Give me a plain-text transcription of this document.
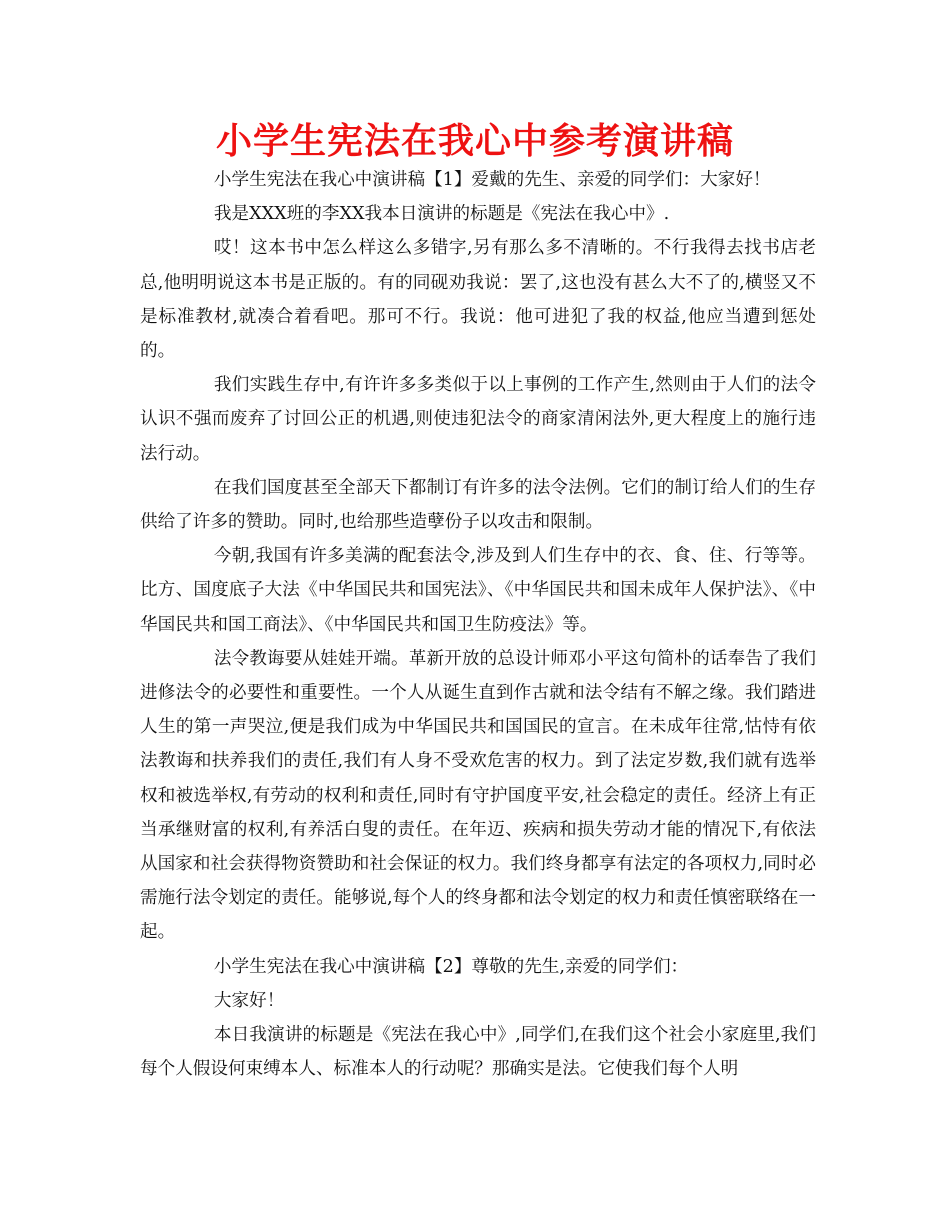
小学生宪法在我心中参考演讲稿

小学生宪法在我心中演讲稿【1】爱戴的先生、亲爱的同学们：大家好！

我是XXX班的李XX我本日演讲的标题是《宪法在我心中》.

哎！这本书中怎么样这么多错字,另有那么多不清晰的。不行我得去找书店老总,他明明说这本书是正版的。有的同砚劝我说：罢了,这也没有甚么大不了的,横竖又不是标准教材,就凑合着看吧。那可不行。我说：他可进犯了我的权益,他应当遭到惩处的。

我们实践生存中,有许许多多类似于以上事例的工作产生,然则由于人们的法令认识不强而废弃了讨回公正的机遇,则使违犯法令的商家清闲法外,更大程度上的施行违法行动。

在我们国度甚至全部天下都制订有许多的法令法例。它们的制订给人们的生存供给了许多的赞助。同时,也给那些造孽份子以攻击和限制。

今朝,我国有许多美满的配套法令,涉及到人们生存中的衣、食、住、行等等。比方、国度底子大法《中华国民共和国宪法》、《中华国民共和国未成年人保护法》、《中华国民共和国工商法》、《中华国民共和国卫生防疫法》等。

法令教诲要从娃娃开端。革新开放的总设计师邓小平这句简朴的话奉告了我们进修法令的必要性和重要性。一个人从诞生直到作古就和法令结有不解之缘。我们踏进人生的第一声哭泣,便是我们成为中华国民共和国国民的宣言。在未成年往常,怙恃有依法教诲和扶养我们的责任,我们有人身不受欢危害的权力。到了法定岁数,我们就有选举权和被选举权,有劳动的权利和责任,同时有守护国度平安,社会稳定的责任。经济上有正当承继财富的权利,有养活白叟的责任。在年迈、疾病和损失劳动才能的情况下,有依法从国家和社会获得物资赞助和社会保证的权力。我们终身都享有法定的各项权力,同时必需施行法令划定的责任。能够说,每个人的终身都和法令划定的权力和责任慎密联络在一起。

小学生宪法在我心中演讲稿【2】尊敬的先生,亲爱的同学们：

大家好！

本日我演讲的标题是《宪法在我心中》,同学们,在我们这个社会小家庭里,我们每个人假设何束缚本人、标准本人的行动呢？那确实是法。它使我们每个人明
